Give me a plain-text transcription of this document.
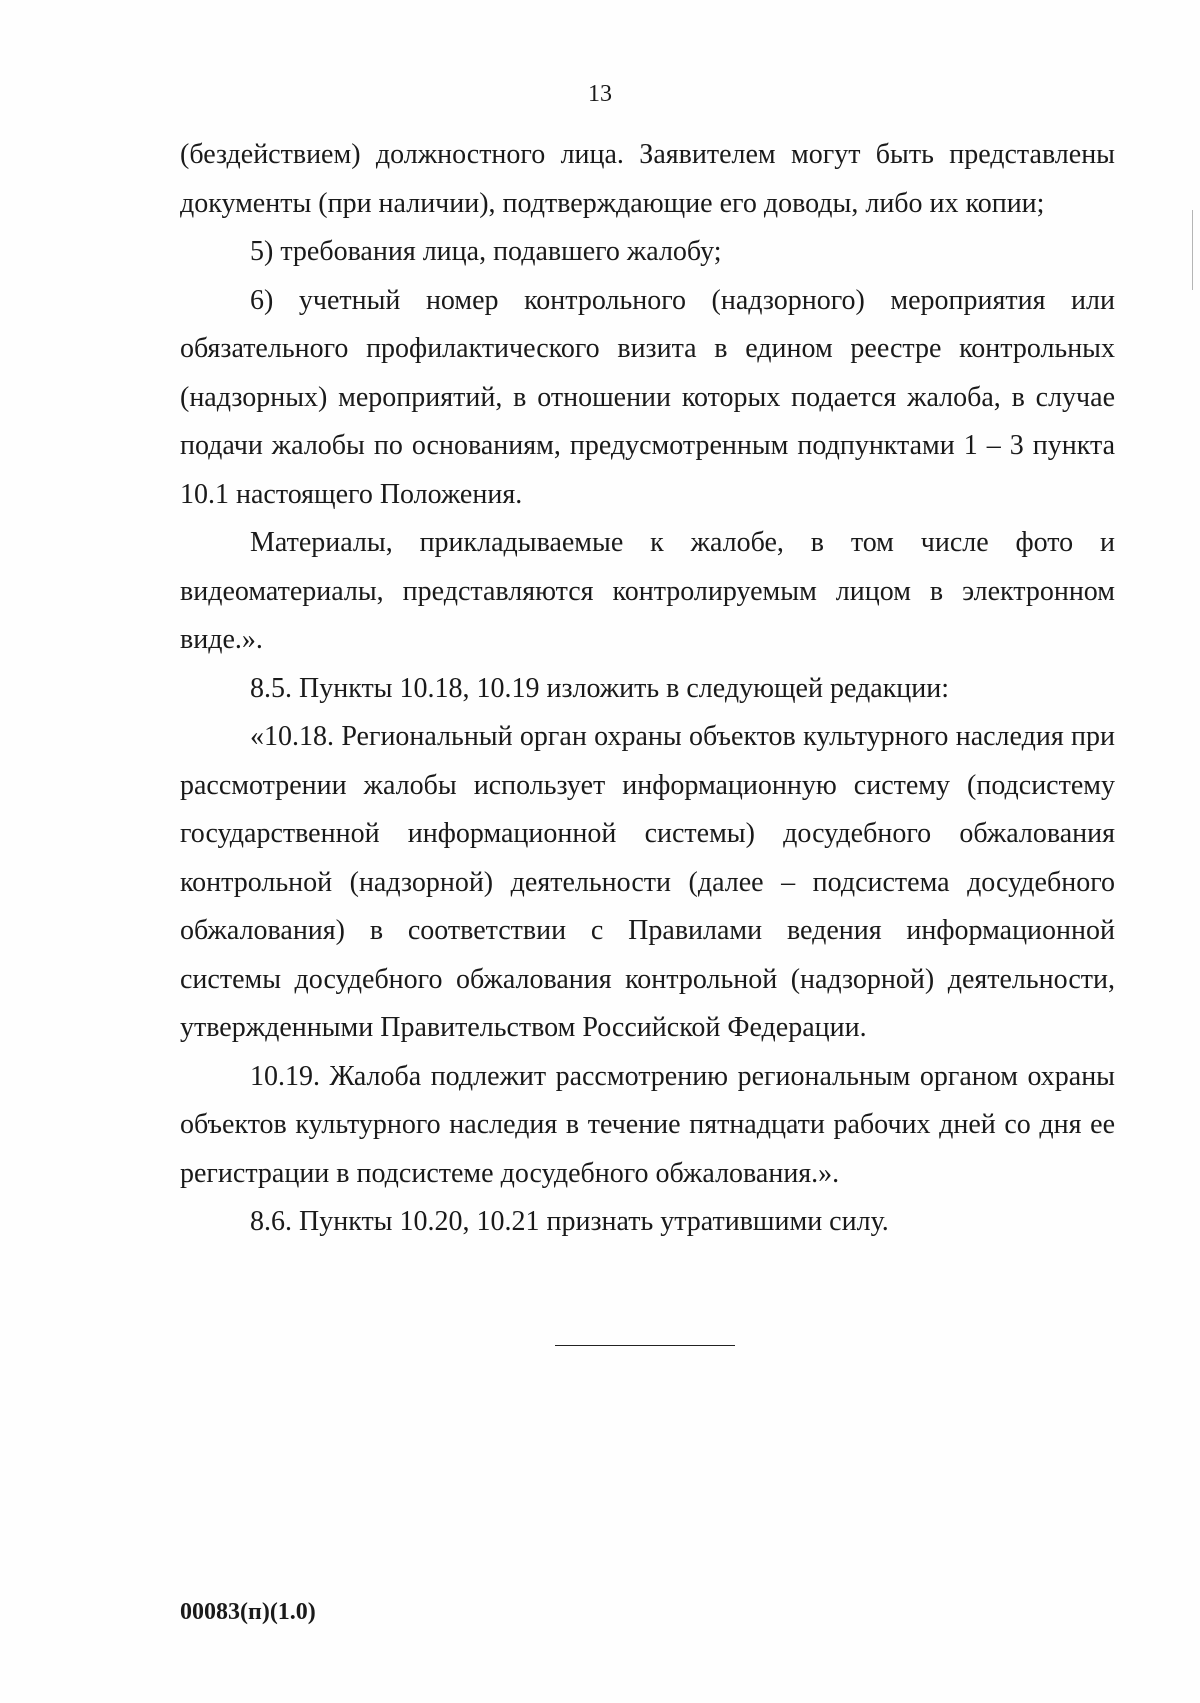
13

(бездействием) должностного лица. Заявителем могут быть представлены документы (при наличии), подтверждающие его доводы, либо их копии;

5) требования лица, подавшего жалобу;

6) учетный номер контрольного (надзорного) мероприятия или обязательного профилактического визита в едином реестре контрольных (надзорных) мероприятий, в отношении которых подается жалоба, в случае подачи жалобы по основаниям, предусмотренным подпунктами 1 – 3 пункта 10.1 настоящего Положения.

Материалы, прикладываемые к жалобе, в том числе фото и видеоматериалы, представляются контролируемым лицом в электронном виде.».

8.5. Пункты 10.18, 10.19 изложить в следующей редакции:

«10.18. Региональный орган охраны объектов культурного наследия при рассмотрении жалобы использует информационную систему (подсистему государственной информационной системы) досудебного обжалования контрольной (надзорной) деятельности (далее – подсистема досудебного обжалования) в соответствии с Правилами ведения информационной системы досудебного обжалования контрольной (надзорной) деятельности, утвержденными Правительством Российской Федерации.

10.19. Жалоба подлежит рассмотрению региональным органом охраны объектов культурного наследия в течение пятнадцати рабочих дней со дня ее регистрации в подсистеме досудебного обжалования.».

8.6. Пункты 10.20, 10.21 признать утратившими силу.

00083(п)(1.0)
